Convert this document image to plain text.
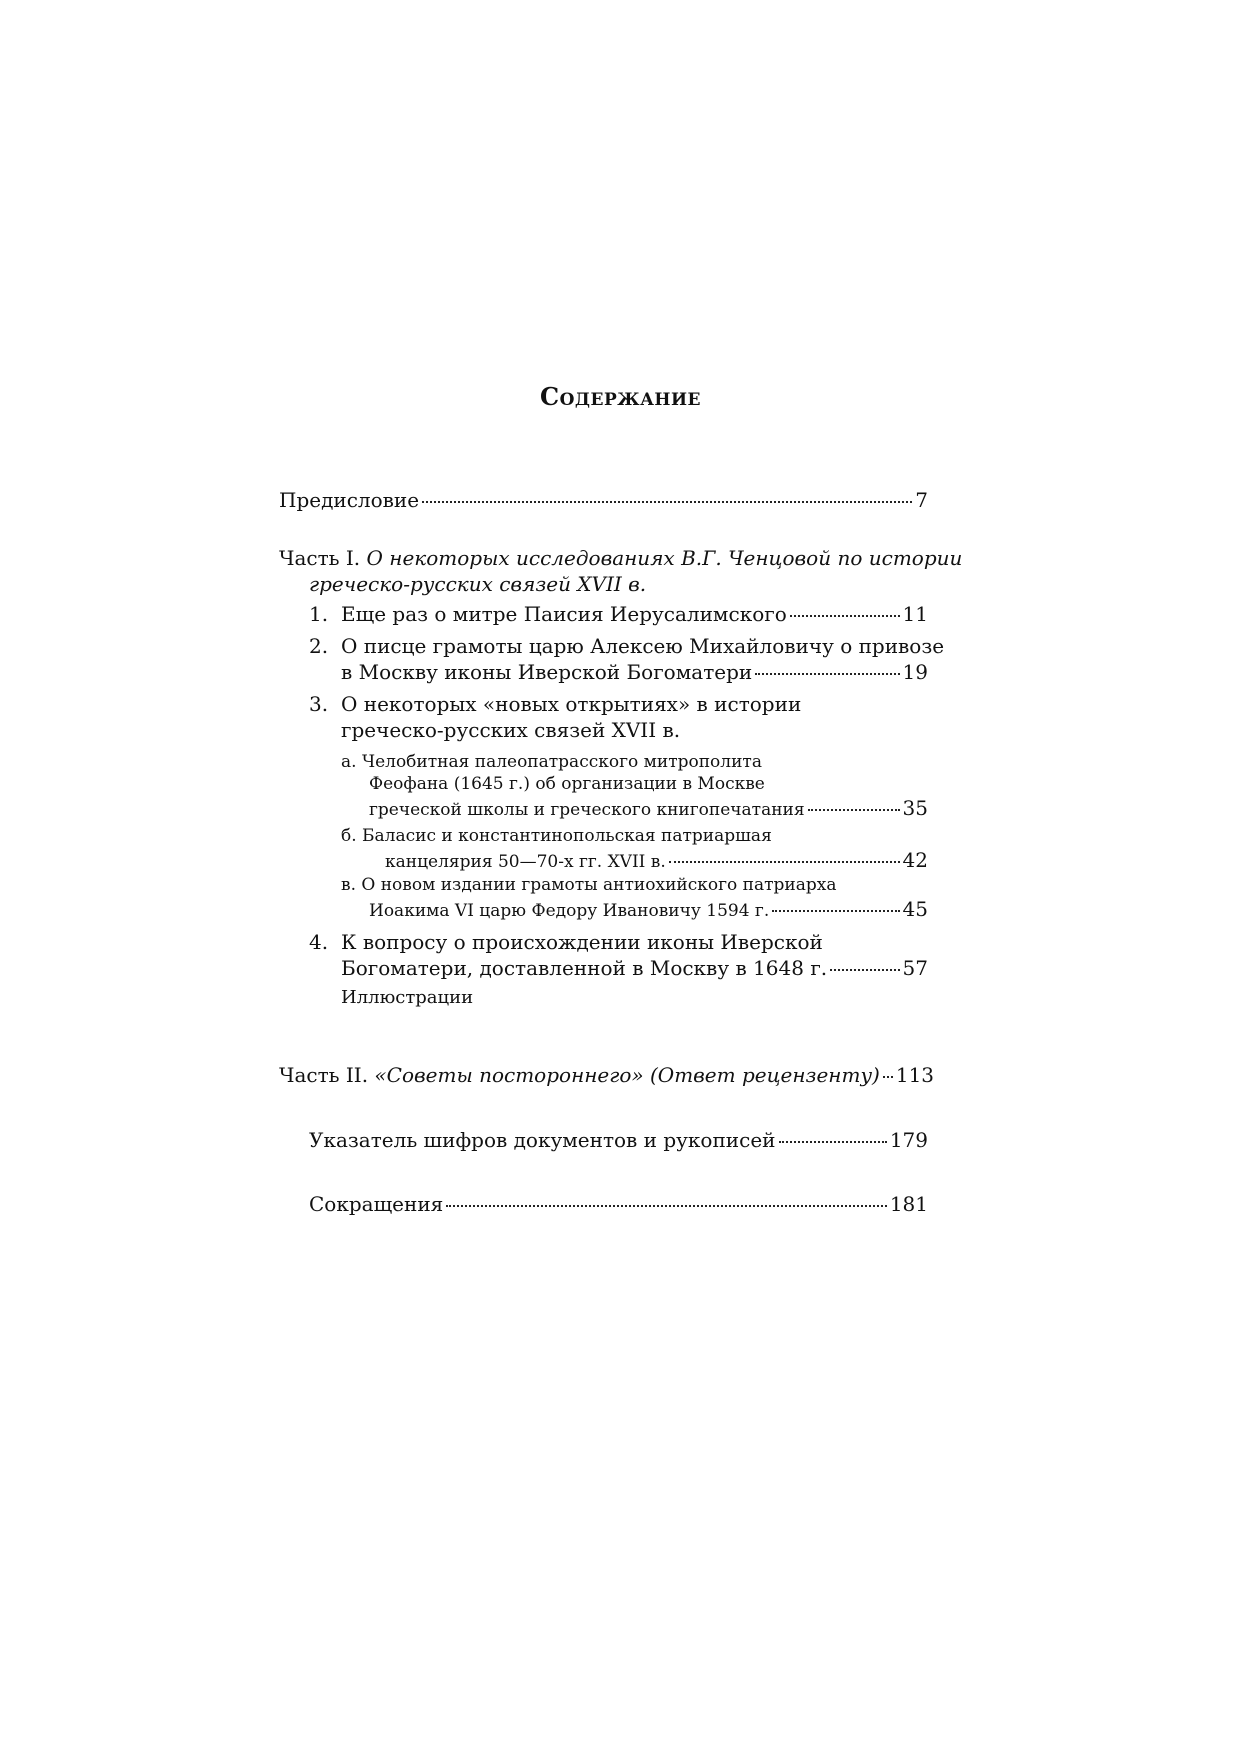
Содержание
Предисловие	7
Часть I. О некоторых исследованиях В.Г. Ченцовой по истории
греческо-русских связей XVII в.
1. Еще раз о митре Паисия Иерусалимского	11
2. О писце грамоты царю Алексею Михайловичу о привозе
в Москву иконы Иверской Богоматери	19
3. О некоторых «новых открытиях» в истории
греческо-русских связей XVII в.
а. Челобитная палеопатрасского митрополита
Феофана (1645 г.) об организации в Москве
греческой школы и греческого книгопечатания	35
б. Баласис и константинопольская патриаршая
канцелярия 50—70-х гг. XVII в.	42
в. О новом издании грамоты антиохийского патриарха
Иоакима VI царю Федору Ивановичу 1594 г.	45
4. К вопросу о происхождении иконы Иверской
Богоматери, доставленной в Москву в 1648 г.	57
Иллюстрации
Часть II. «Советы постороннего» (Ответ рецензенту) 113
Указатель шифров документов и рукописей	179
Сокращения	181
